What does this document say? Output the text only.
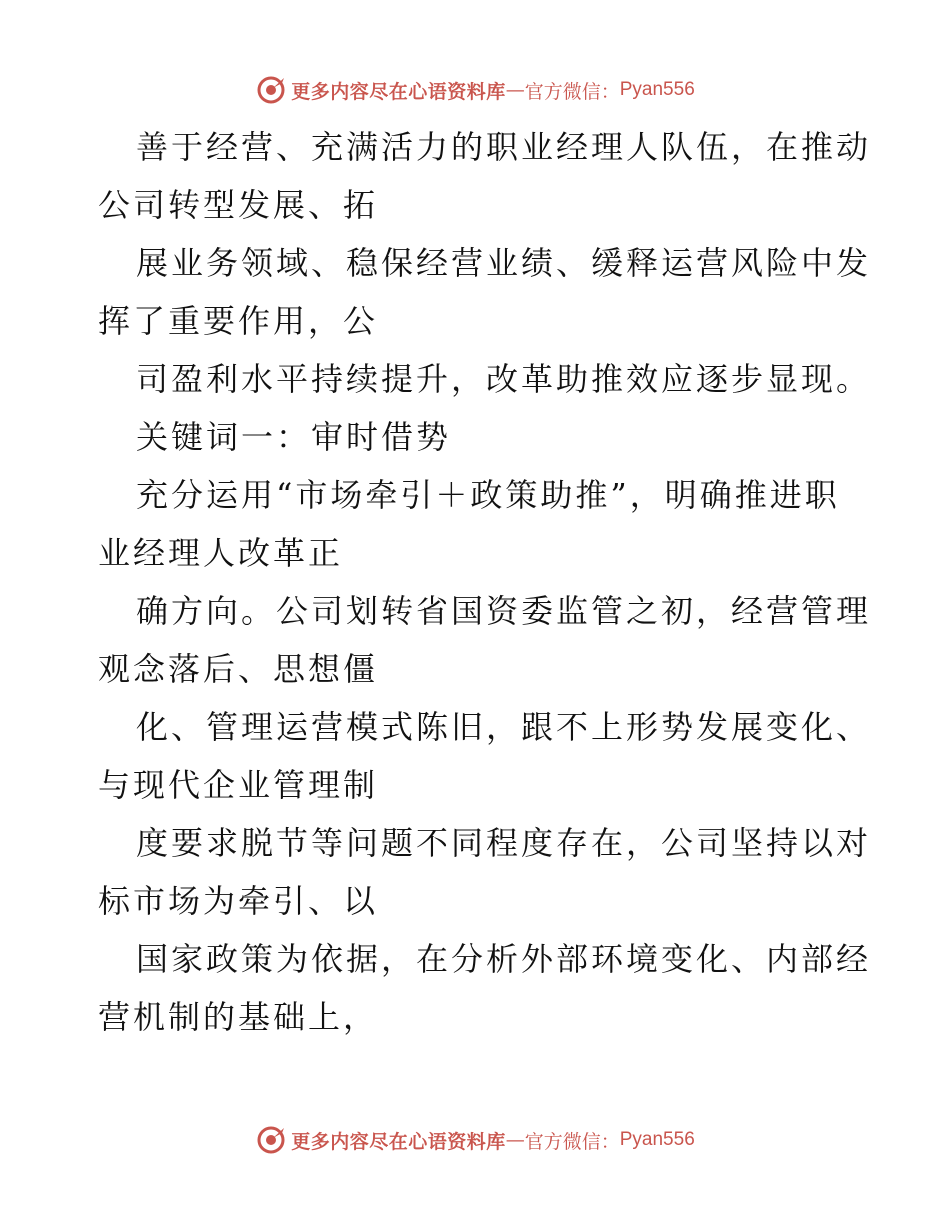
更多内容尽在心语资料库 — 官方微信： Pyan556
善于经营、充满活力的职业经理人队伍，在推动
公司转型发展、拓
展业务领域、稳保经营业绩、缓释运营风险中发
挥了重要作用，公
司盈利水平持续提升，改革助推效应逐步显现。
关键词一：审时借势
充分运用“市场牵引＋政策助推”，明确推进职
业经理人改革正
确方向。公司划转省国资委监管之初，经营管理
观念落后、思想僵
化、管理运营模式陈旧，跟不上形势发展变化、
与现代企业管理制
度要求脱节等问题不同程度存在，公司坚持以对
标市场为牵引、以
国家政策为依据，在分析外部环境变化、内部经
营机制的基础上，
更多内容尽在心语资料库 — 官方微信： Pyan556
